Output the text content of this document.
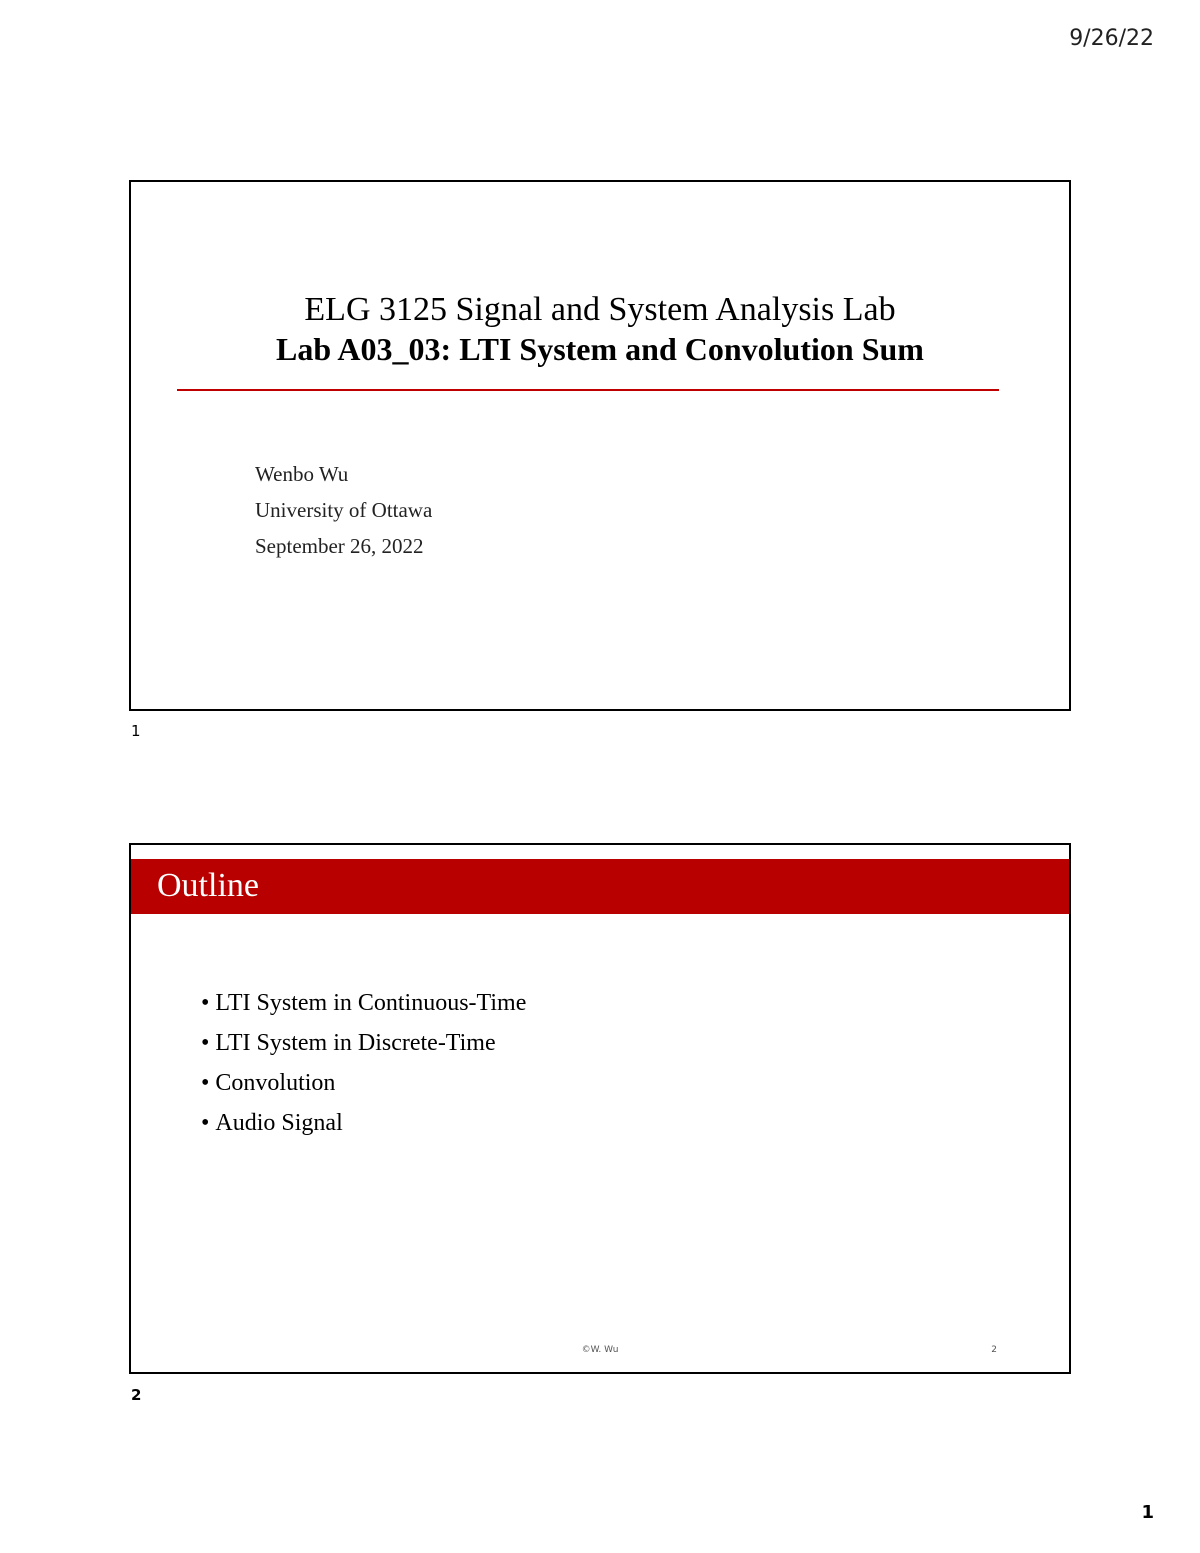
9/26/22
ELG 3125 Signal and System Analysis Lab
Lab A03_03: LTI System and Convolution Sum
Wenbo Wu
University of Ottawa
September 26, 2022
1
Outline
• LTI System in Continuous-Time
• LTI System in Discrete-Time
• Convolution
• Audio Signal
©W. Wu	2
2
1
